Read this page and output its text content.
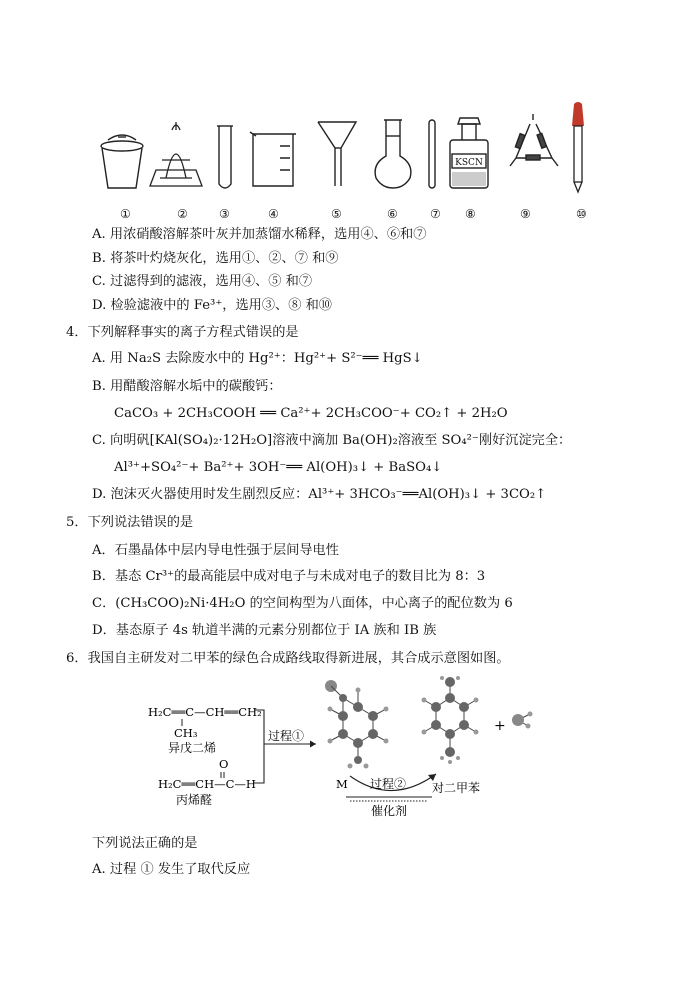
KSCN
①	②	③	④	⑤	⑥	⑦ ⑧	⑨	⑩
A. 用浓硝酸溶解茶叶灰并加蒸馏水稀释，选用④、⑥和⑦
B. 将茶叶灼烧灰化，选用①、②、⑦ 和⑨
C. 过滤得到的滤液，选用④、⑤ 和⑦
D. 检验滤液中的 Fe³⁺，选用③、⑧ 和⑩
4．下列解释事实的离子方程式错误的是
A. 用 Na₂S 去除废水中的 Hg²⁺：Hg²⁺+ S²⁻══ HgS↓
B. 用醋酸溶解水垢中的碳酸钙：
CaCO₃ + 2CH₃COOH ══ Ca²⁺+ 2CH₃COO⁻+ CO₂↑ + 2H₂O
C. 向明矾[KAl(SO₄)₂·12H₂O]溶液中滴加 Ba(OH)₂溶液至 SO₄²⁻刚好沉淀完全：
Al³⁺+SO₄²⁻+ Ba²⁺+ 3OH⁻══ Al(OH)₃↓ + BaSO₄↓
D. 泡沫灭火器使用时发生剧烈反应：Al³⁺+ 3HCO₃⁻══Al(OH)₃↓ + 3CO₂↑
5．下列说法错误的是
A．石墨晶体中层内导电性强于层间导电性
B．基态 Cr³⁺的最高能层中成对电子与未成对电子的数目比为 8：3
C．(CH₃COO)₂Ni·4H₂O 的空间构型为八面体，中心离子的配位数为 6
D．基态原子 4s 轨道半满的元素分别都位于 IA 族和 IB 族
6．我国自主研发对二甲苯的绿色合成路线取得新进展，其合成示意图如图。
H₂C══C—CH══CH₂
CH₃
异戊二烯
O
H₂C══CH—C—H
丙烯醛
过程①
M 过程② 对二甲苯
催化剂
+
下列说法正确的是
A. 过程 ① 发生了取代反应
